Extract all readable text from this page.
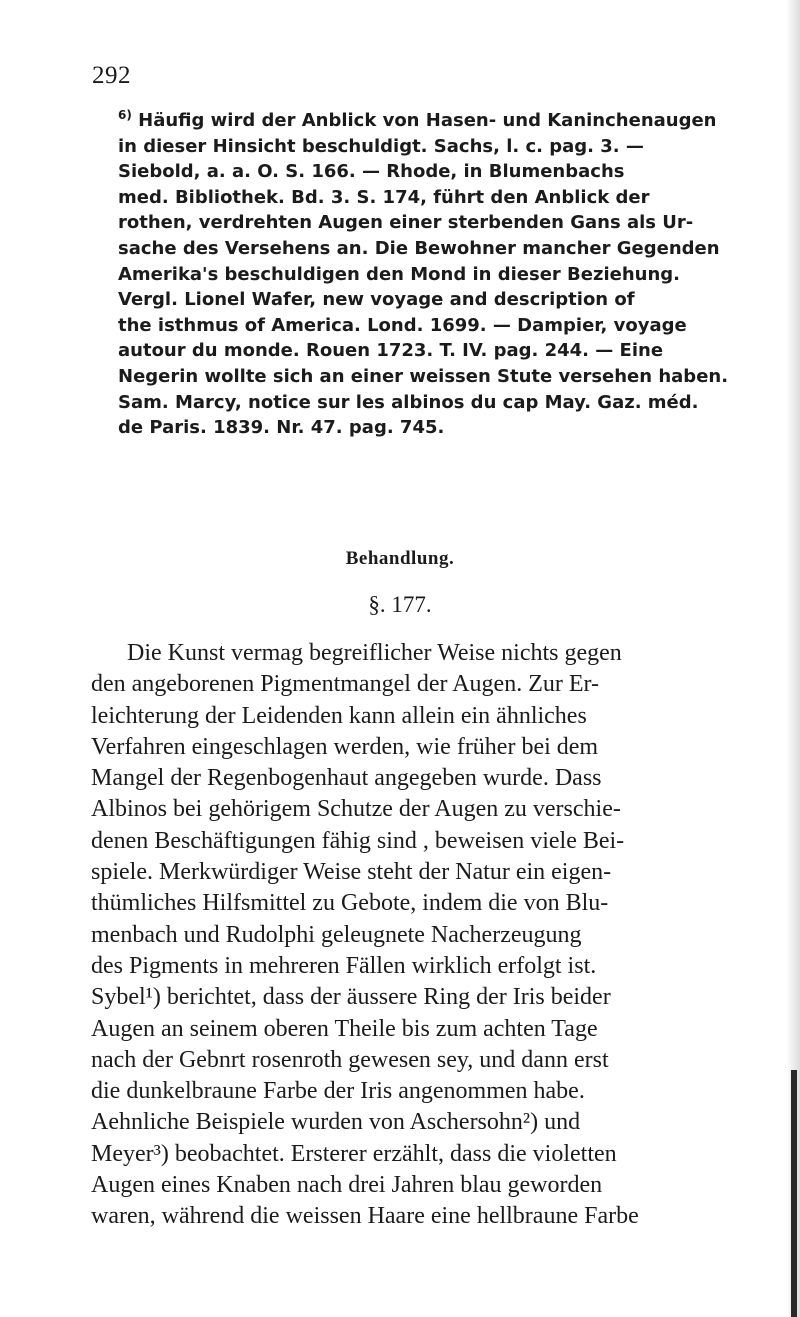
292
$^{6)}$ Häufig wird der Anblick von Hasen- und Kaninchenaugen
in dieser Hinsicht beschuldigt. Sachs, l. c. pag. 3. —
Siebold, a. a. O. S. 166. — Rhode, in Blumenbachs
med. Bibliothek. Bd. 3. S. 174, führt den Anblick der
rothen, verdrehten Augen einer sterbenden Gans als Ur-
sache des Versehens an. Die Bewohner mancher Gegenden
Amerika's beschuldigen den Mond in dieser Beziehung.
Vergl. Lionel Wafer, new voyage and description of
the isthmus of America. Lond. 1699. — Dampier, voyage
autour du monde. Rouen 1723. T. IV. pag. 244. — Eine
Negerin wollte sich an einer weissen Stute versehen haben.
Sam. Marcy, notice sur les albinos du cap May. Gaz. méd.
de Paris. 1839. Nr. 47. pag. 745.
Behandlung.
§. 177.
Die Kunst vermag begreiflicher Weise nichts gegen
den angeborenen Pigmentmangel der Augen. Zur Er-
leichterung der Leidenden kann allein ein ähnliches
Verfahren eingeschlagen werden, wie früher bei dem
Mangel der Regenbogenhaut angegeben wurde. Dass
Albinos bei gehörigem Schutze der Augen zu verschie-
denen Beschäftigungen fähig sind , beweisen viele Bei-
spiele. Merkwürdiger Weise steht der Natur ein eigen-
thümliches Hilfsmittel zu Gebote, indem die von Blu-
menbach und Rudolphi geleugnete Nacherzeugung
des Pigments in mehreren Fällen wirklich erfolgt ist.
Sybel¹) berichtet, dass der äussere Ring der Iris beider
Augen an seinem oberen Theile bis zum achten Tage
nach der Gebnrt rosenroth gewesen sey, und dann erst
die dunkelbraune Farbe der Iris angenommen habe.
Aehnliche Beispiele wurden von Aschersohn²) und
Meyer³) beobachtet. Ersterer erzählt, dass die violetten
Augen eines Knaben nach drei Jahren blau geworden
waren, während die weissen Haare eine hellbraune Farbe
